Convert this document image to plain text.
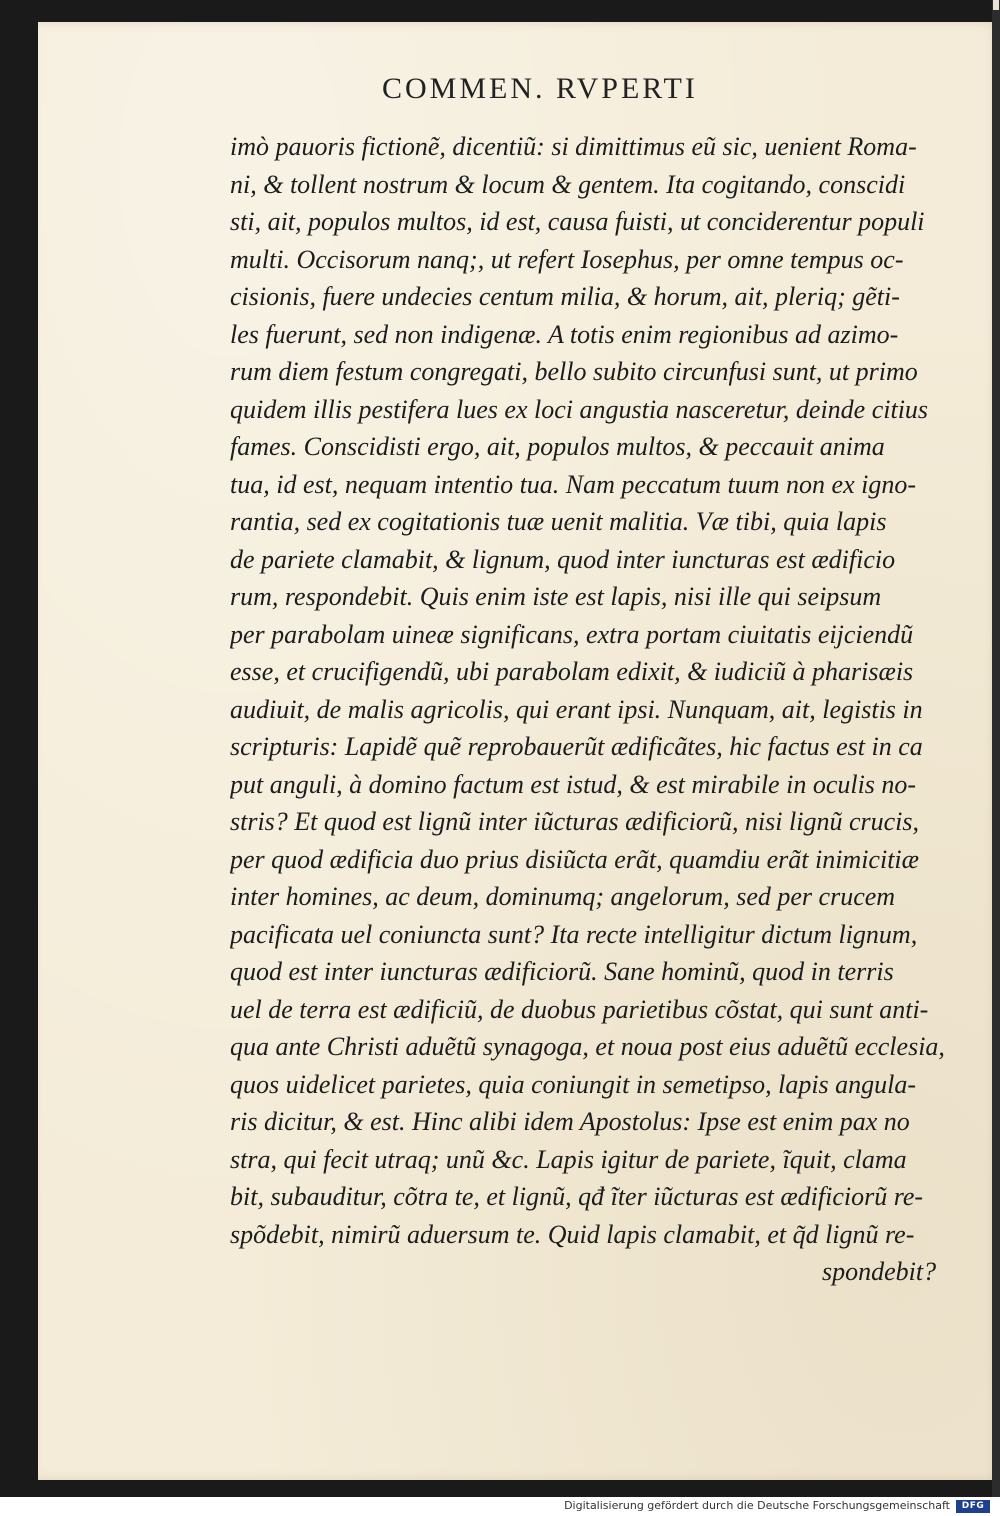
COMMEN. RVPERTI
imò pauoris fictionẽ, dicentiũ: si dimittimus eũ sic, uenient Roma-
ni, & tollent nostrum & locum & gentem. Ita cogitando, conscidi
sti, ait, populos multos, id est, causa fuisti, ut conciderentur populi
multi. Occisorum nanq;, ut refert Iosephus, per omne tempus oc-
cisionis, fuere undecies centum milia, & horum, ait, pleriq; gẽti-
les fuerunt, sed non indigenæ. A totis enim regionibus ad azimo-
rum diem festum congregati, bello subito circunfusi sunt, ut primo
quidem illis pestifera lues ex loci angustia nasceretur, deinde citius
fames. Conscidisti ergo, ait, populos multos, & peccauit anima
tua, id est, nequam intentio tua. Nam peccatum tuum non ex igno-
rantia, sed ex cogitationis tuæ uenit malitia. Væ tibi, quia lapis
de pariete clamabit, & lignum, quod inter iuncturas est ædificio
rum, respondebit. Quis enim iste est lapis, nisi ille qui seipsum
per parabolam uineæ significans, extra portam ciuitatis eijciendũ
esse, et crucifigendũ, ubi parabolam edixit, & iudiciũ à pharisæis
audiuit, de malis agricolis, qui erant ipsi. Nunquam, ait, legistis in
scripturis: Lapidẽ quẽ reprobauerũt ædificãtes, hic factus est in ca
put anguli, à domino factum est istud, & est mirabile in oculis no-
stris? Et quod est lignũ inter iũcturas ædificiorũ, nisi lignũ crucis,
per quod ædificia duo prius disiũcta erãt, quamdiu erãt inimicitiæ
inter homines, ac deum, dominumq; angelorum, sed per crucem
pacificata uel coniuncta sunt? Ita recte intelligitur dictum lignum,
quod est inter iuncturas ædificiorũ. Sane hominũ, quod in terris
uel de terra est ædificiũ, de duobus parietibus cõstat, qui sunt anti-
qua ante Christi aduẽtũ synagoga, et noua post eius aduẽtũ ecclesia,
quos uidelicet parietes, quia coniungit in semetipso, lapis angula-
ris dicitur, & est. Hinc alibi idem Apostolus: Ipse est enim pax no
stra, qui fecit utraq; unũ &c. Lapis igitur de pariete, ĩquit, clama
bit, subauditur, cõtra te, et lignũ, qđ ĩter iũcturas est ædificiorũ re-
spõdebit, nimirũ aduersum te. Quid lapis clamabit, et q̃d lignũ re-
spondebit?
Digitalisierung gefördert durch die Deutsche Forschungsgemeinschaft	DFG
